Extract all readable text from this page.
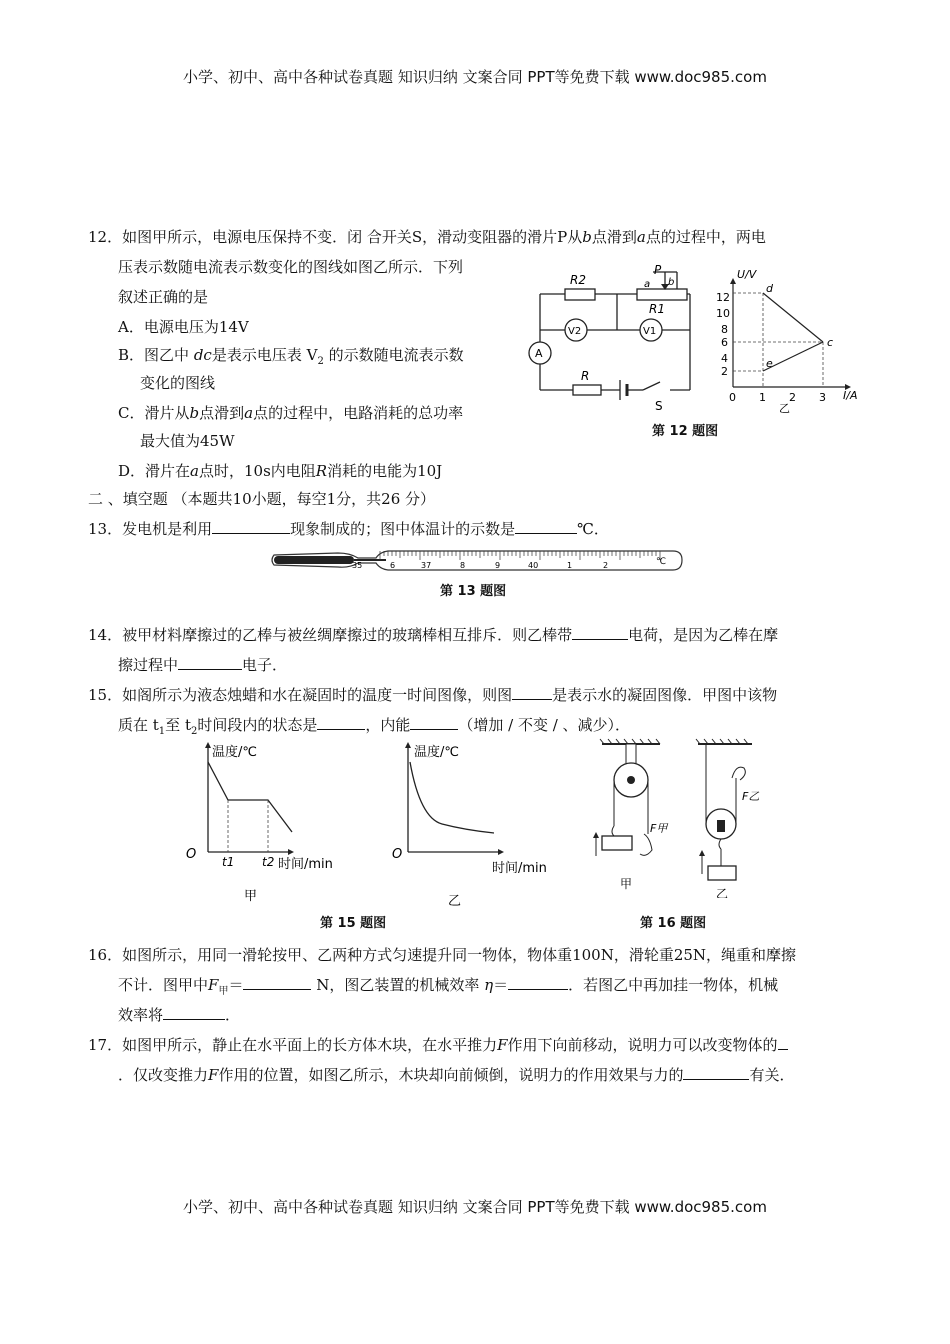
小学、初中、高中各种试卷真题 知识归纳 文案合同 PPT等免费下载 www.doc985.com
12．如图甲所示，电源电压保持不变．闭 合开关S，滑动变阻器的滑片P从b点滑到a点的过程中，两电
压表示数随电流表示数变化的图线如图乙所示．下列
叙述正确的是
A．电源电压为14V
B．图乙中 dc是表示电压表 $V_2$ 的示数随电流表示数
变化的图线
C．滑片从b点滑到a点的过程中，电路消耗的总功率
最大值为45W
D．滑片在a点时，10s内电阻R消耗的电能为10J
R2
R1
V2	V1
A
R
S
P
a b
U/V
I/A
12
10
8
6
4
2
0 1 2 3
d
c
e
乙
第 12 题图
二 、填空题 （本题共10小题，每空1分，共26 分）
13．发电机是利用	现象制成的；图中体温计的示数是	℃．
35	6	37	8	9	40	1	2	℃
第 13 题图
14．被甲材料摩擦过的乙棒与被丝绸摩擦过的玻璃棒相互排斥．则乙棒带	电荷，是因为乙棒在摩
擦过程中	电子．
15．如阁所示为液态烛蜡和水在凝固时的温度一时间图像，则图	是表示水的凝固图像．甲图中该物
质在 $t_1$至 $t_2$时间段内的状态是	，内能	（增加 / 不变 / 、减少）．
温度/℃
时间/min
O t1 t2
甲
温度/℃
时间/min
O
乙
第 15 题图
F甲
甲
F乙
乙
第 16 题图
16．如图所示，用同一滑轮按甲、乙两种方式匀速提升同一物体，物体重100N，滑轮重25N，绳重和摩擦
不计．图甲中$F_甲=$	N，图乙装置的机械效率 η＝	．若图乙中再加挂一物体，机械
效率将	．
17．如图甲所示，静止在水平面上的长方体木块，在水平推力F作用下向前移动，说明力可以改变物体的
．仅改变推力F作用的位置，如图乙所示，木块却向前倾倒，说明力的作用效果与力的	有关．
小学、初中、高中各种试卷真题 知识归纳 文案合同 PPT等免费下载 www.doc985.com
